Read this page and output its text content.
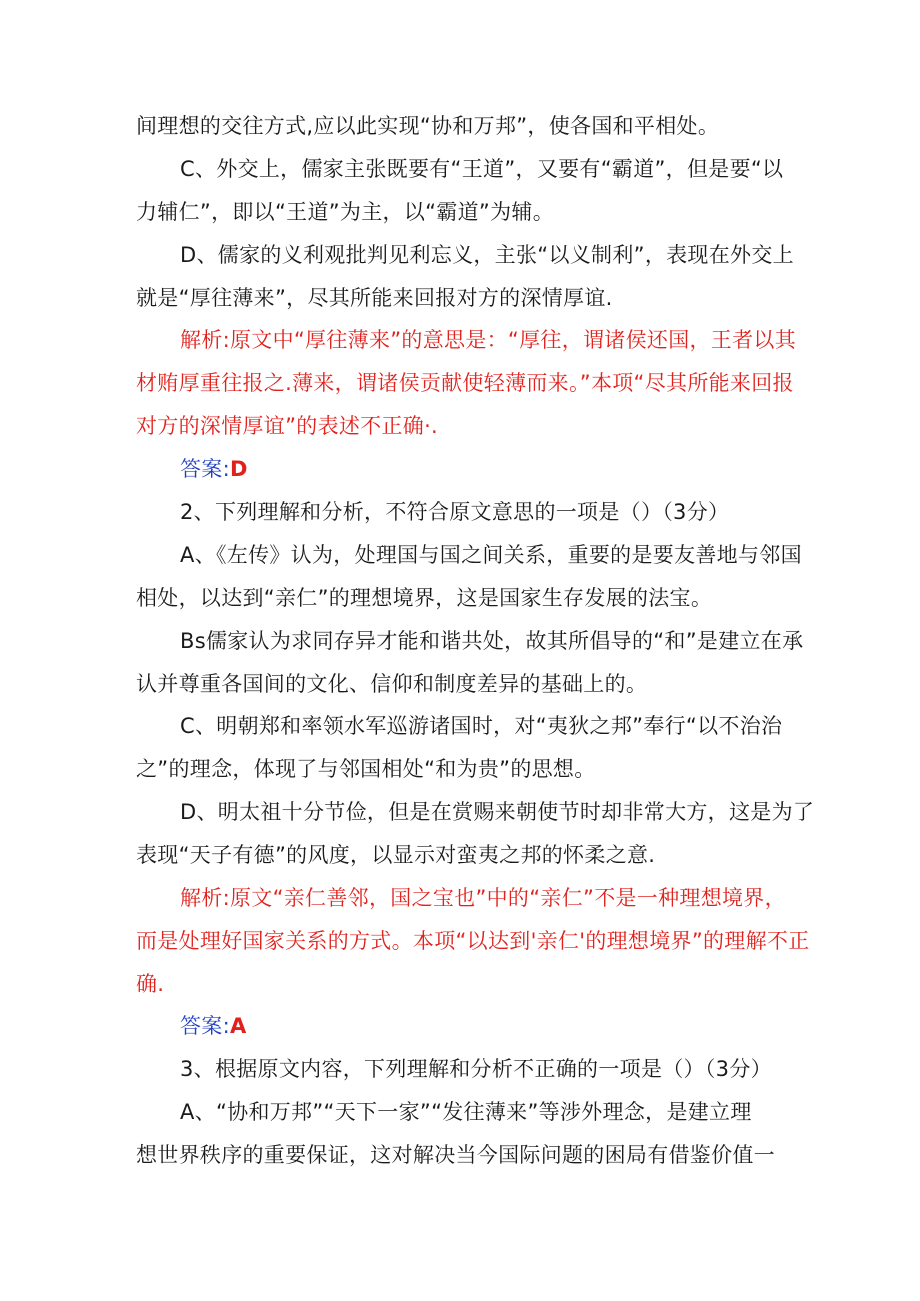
间理想的交往方式,应以此实现“协和万邦”，使各国和平相处。
C、外交上，儒家主张既要有“王道”，又要有“霸道”，但是要“以
力辅仁”，即以“王道”为主，以“霸道”为辅。
D、儒家的义利观批判见利忘义，主张“以义制利”，表现在外交上
就是“厚往薄来”，尽其所能来回报对方的深情厚谊.
解析:原文中“厚往薄来”的意思是：“厚往，谓诸侯还国，王者以其
材贿厚重往报之.薄来，谓诸侯贡献使轻薄而来。”本项“尽其所能来回报
对方的深情厚谊”的表述不正确·.
答案:D
2、下列理解和分析，不符合原文意思的一项是（）（3分）
A、《左传》认为，处理国与国之间关系，重要的是要友善地与邻国
相处，以达到“亲仁”的理想境界，这是国家生存发展的法宝。
Bs儒家认为求同存异才能和谐共处，故其所倡导的“和”是建立在承
认并尊重各国间的文化、信仰和制度差异的基础上的。
C、明朝郑和率领水军巡游诸国时，对“夷狄之邦”奉行“以不治治
之”的理念，体现了与邻国相处“和为贵”的思想。
D、明太祖十分节俭，但是在赏赐来朝使节时却非常大方，这是为了
表现“天子有德”的风度，以显示对蛮夷之邦的怀柔之意.
解析:原文“亲仁善邻，国之宝也”中的“亲仁”不是一种理想境界，
而是处理好国家关系的方式。本项“以达到'亲仁'的理想境界”的理解不正
确.
答案:A
3、根据原文内容，下列理解和分析不正确的一项是（）（3分）
A、“协和万邦”“天下一家”“发往薄来”等涉外理念，是建立理
想世界秩序的重要保证，这对解决当今国际问题的困局有借鉴价值一
